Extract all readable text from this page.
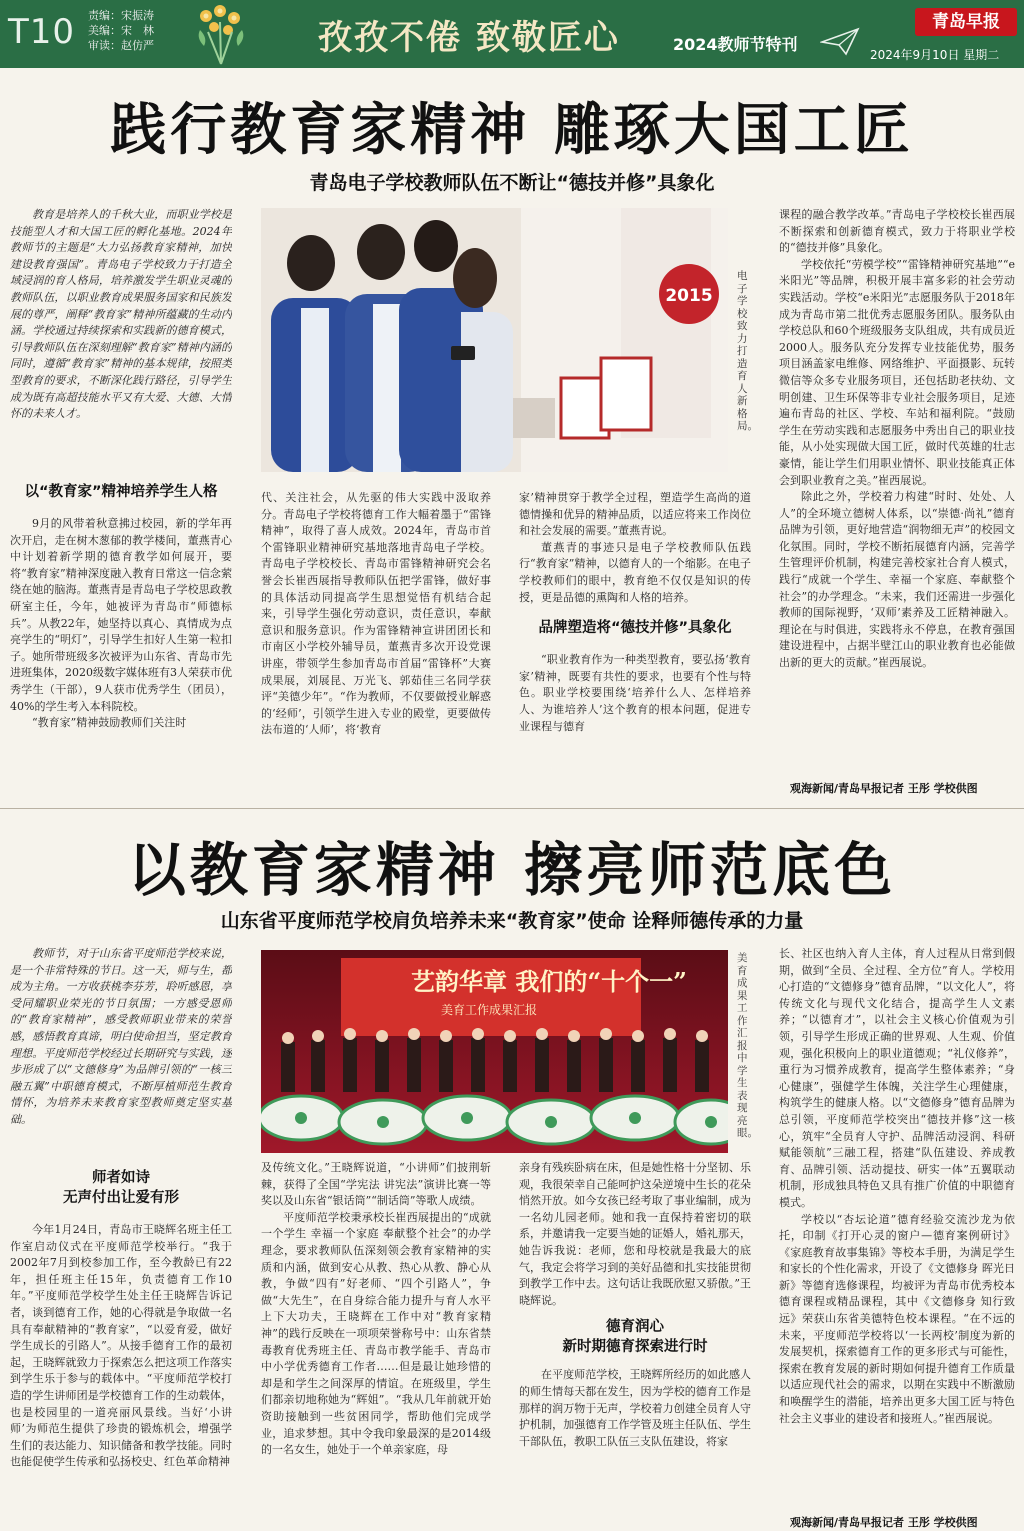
T10 责编：宋振涛
美编：宋　林
审读：赵仿严	孜孜不倦 致敬匠心	2024教师节特刊
青岛早报
2024年9月10日 星期二
践行教育家精神 雕琢大国工匠
青岛电子学校教师队伍不断让“德技并修”具象化

教育是培养人的千秋大业，而职业学校是技能型人才和大国工匠的孵化基地。2024年教师节的主题是“大力弘扬教育家精神，加快建设教育强国”。青岛电子学校致力于打造全域浸润的育人格局，培养激发学生职业灵魂的教师队伍，以职业教育成果服务国家和民族发展的尊严，阐释“教育家”精神所蕴藏的生动内涵。学校通过持续探索和实践新的德育模式，引导教师队伍在深刻理解“教育家”精神内涵的同时，遵循“教育家”精神的基本规律，按照类型教育的要求，不断深化践行路径，引导学生成为既有高超技能水平又有大爱、大德、大情怀的未来人才。

以“教育家”精神培养学生人格

9月的风带着秋意拂过校园，新的学年再次开启，走在树木葱郁的教学楼间，董燕青心中计划着新学期的德育教学如何展开，要将“教育家”精神深度融入教育日常这一信念萦绕在她的脑海。董燕青是青岛电子学校思政教研室主任，今年，她被评为青岛市“师德标兵”。从教22年，她坚持以真心、真情成为点亮学生的“明灯”，引导学生扣好人生第一粒扣子。她所带班级多次被评为山东省、青岛市先进班集体，2020级数字媒体班有3人荣获市优秀学生（干部），9人获市优秀学生（团员），40%的学生考入本科院校。

“教育家”精神鼓励教师们关注时

2015
电子学校致力打造育人新格局。

代、关注社会，从先驱的伟大实践中汲取养分。青岛电子学校将德育工作大幅着墨于“雷锋精神”，取得了喜人成效。2024年，青岛市首个雷锋职业精神研究基地落地青岛电子学校。青岛电子学校校长、青岛市雷锋精神研究会名誉会长崔西展指导教师队伍把学雷锋，做好事的具体活动同提高学生思想觉悟有机结合起来，引导学生强化劳动意识，责任意识，奉献意识和服务意识。作为雷锋精神宣讲团团长和市南区小学校外辅导员，董燕青多次开设党课讲座，带领学生参加青岛市首届“雷锋杯”大赛成果展，刘展昆、万光飞、郭茹佳三名同学获评“美德少年”。“作为教师，不仅要做授业解惑的‘经师’，引领学生进入专业的殿堂，更要做传法布道的‘人师’，将‘教育

家’精神贯穿于教学全过程，塑造学生高尚的道德情操和优异的精神品质，以适应将来工作岗位和社会发展的需要。”董燕青说。

董燕青的事迹只是电子学校教师队伍践行“教育家”精神，以德育人的一个缩影。在电子学校教师们的眼中，教育绝不仅仅是知识的传授，更是品德的熏陶和人格的培养。

品牌塑造将“德技并修”具象化

“职业教育作为一种类型教育，要弘扬‘教育家’精神，既要有共性的要求，也要有个性与特色。职业学校要围绕‘培养什么人、怎样培养人、为谁培养人’这个教育的根本问题，促进专业课程与德育

课程的融合教学改革。”青岛电子学校校长崔西展不断探索和创新德育模式，致力于将职业学校的“德技并修”具象化。

学校依托“劳模学校”“雷锋精神研究基地”“e米阳光”等品牌，积极开展丰富多彩的社会劳动实践活动。学校“e米阳光”志愿服务队于2018年成为青岛市第二批优秀志愿服务团队。服务队由学校总队和60个班级服务支队组成，共有成员近2000人。服务队充分发挥专业技能优势，服务项目涵盖家电维修、网络维护、平面摄影、玩转微信等众多专业服务项目，还包括助老扶幼、文明创建、卫生环保等非专业社会服务项目，足迹遍布青岛的社区、学校、车站和福利院。“鼓励学生在劳动实践和志愿服务中秀出自己的职业技能，从小处实现做大国工匠，做时代英雄的壮志豪情，能让学生们用职业情怀、职业技能真正体会到职业教育之美。”崔西展说。

除此之外，学校着力构建“时时、处处、人人”的全环境立德树人体系，以“崇德·尚礼”德育品牌为引领，更好地营造“润物细无声”的校园文化氛围。同时，学校不断拓展德育内涵，完善学生管理评价机制，构建完善校家社合育人模式，践行“成就一个学生、幸福一个家庭、奉献整个社会”的办学理念。“未来，我们还需进一步强化教师的国际视野，‘双师’素养及工匠精神融入。理论在与时俱进，实践将永不停息，在教育强国建设进程中，占据半壁江山的职业教育也必能做出新的更大的贡献。”崔西展说。

观海新闻/青岛早报记者 王彤 学校供图
以教育家精神 擦亮师范底色
山东省平度师范学校肩负培养未来“教育家”使命 诠释师德传承的力量

教师节，对于山东省平度师范学校来说，是一个非常特殊的节日。这一天，师与生，都成为主角。一方收获桃李芬芳，聆听感恩，享受同耀职业荣光的节日氛围；一方感受恩师的“教育家精神”，感受教师职业带来的荣誉感，感悟教育真谛，明白使命担当，坚定教育理想。平度师范学校经过长期研究与实践，逐步形成了以“文德修身”为品牌引领的“一核三融五翼”中职德育模式，不断厚植师范生教育情怀，为培养未来教育家型教师奠定坚实基础。

师者如诗
无声付出让爱有形

今年1月24日，青岛市王晓辉名班主任工作室启动仪式在平度师范学校举行。“我于2002年7月到校参加工作，至今教龄已有22年，担任班主任15年，负责德育工作10年。”平度师范学校学生处主任王晓辉告诉记者，谈到德育工作，她的心得就是争取做一名具有奉献精神的“教育家”，“以爱育爱，做好学生成长的引路人”。从接手德育工作的最初起，王晓辉就致力于探索怎么把这项工作落实到学生乐于参与的载体中。“平度师范学校打造的学生讲师团是学校德育工作的生动载体，也是校园里的一道亮丽风景线。当好‘小讲师’为师范生提供了珍贵的锻炼机会，增强学生们的表达能力、知识储备和教学技能。同时也能促使学生传承和弘扬校史、红色革命精神

艺韵华章 我们的“十个一”
美育工作成果汇报
美育成果工作汇报中学生表现亮眼。

及传统文化。”王晓辉说道，“小讲师”们披荆斩棘，获得了全国“学宪法 讲宪法”演讲比赛一等奖以及山东省“银话筒”“制话筒”等歌人成绩。

平度师范学校秉承校长崔西展提出的“成就一个学生 幸福一个家庭 奉献整个社会”的办学理念，要求教师队伍深刻领会教育家精神的实质和内涵，做到安心从教、热心从教、静心从教，争做“四有”好老师、“四个引路人”，争做“大先生”，在自身综合能力提升与育人水平上下大功夫，王晓辉在工作中对“教育家精神”的践行反映在一项项荣誉称号中：山东省禁毒教育优秀班主任、青岛市教学能手、青岛市中小学优秀德育工作者……但是最让她珍惜的却是和学生之间深厚的情谊。在班级里，学生们都亲切地称她为“辉姐”。“我从几年前就开始资助接触到一些贫困同学，帮助他们完成学业，追求梦想。其中令我印象最深的是2014级的一名女生，她处于一个单亲家庭，母

亲身有残疾卧病在床，但是她性格十分坚韧、乐观，我很荣幸自己能呵护这朵逆境中生长的花朵悄然开放。如今女孩已经考取了事业编制，成为一名幼儿园老师。她和我一直保持着密切的联系，并邀请我一定要当她的证婚人，婚礼那天，她告诉我说：老师，您和母校就是我最大的底气，我定会将学习到的美好品德和扎实技能贯彻到教学工作中去。这句话让我既欣慰又骄傲。”王晓辉说。

德育润心
新时期德育探索进行时

在平度师范学校，王晓辉所经历的如此感人的师生情每天都在发生，因为学校的德育工作是那样的润万物于无声，学校着力创建全员育人守护机制，加强德育工作学管及班主任队伍、学生干部队伍，教职工队伍三支队伍建设，将家

长、社区也纳入育人主体，育人过程从日常到假期，做到“全员、全过程、全方位”育人。学校用心打造的“文德修身”德育品牌，“以文化人”，将传统文化与现代文化结合，提高学生人文素养；“以德育才”，以社会主义核心价值观为引领，引导学生形成正确的世界观、人生观、价值观，强化积极向上的职业道德观；“礼仪修养”，重行为习惯养成教育，提高学生整体素养；“身心健康”，强健学生体魄，关注学生心理健康，构筑学生的健康人格。以“文德修身”德育品牌为总引领，平度师范学校突出“德技并修”这一核心，筑牢“全员育人守护、品牌活动浸润、科研赋能领航”三融工程，搭建“队伍建设、养成教育、品牌引领、活动提技、研实一体”五翼联动机制，形成独具特色又具有推广价值的中职德育模式。

学校以“杏坛论道”德育经验交流沙龙为依托，印制《打开心灵的窗户—德育案例研讨》《家庭教育故事集锦》等校本手册，为满足学生和家长的个性化需求，开设了《文德修身 晖光日新》等德育选修课程，均被评为青岛市优秀校本德育课程或精品课程，其中《文德修身 知行致远》荣获山东省美德特色校本课程。“在不远的未来，平度师范学校将以‘一长两校’制度为新的发展契机，探索德育工作的更多形式与可能性，探索在教育发展的新时期如何提升德育工作质量以适应现代社会的需求，以期在实践中不断激励和唤醒学生的潜能，培养出更多大国工匠与特色社会主义事业的建设者和接班人。”崔西展说。

观海新闻/青岛早报记者 王彤 学校供图
